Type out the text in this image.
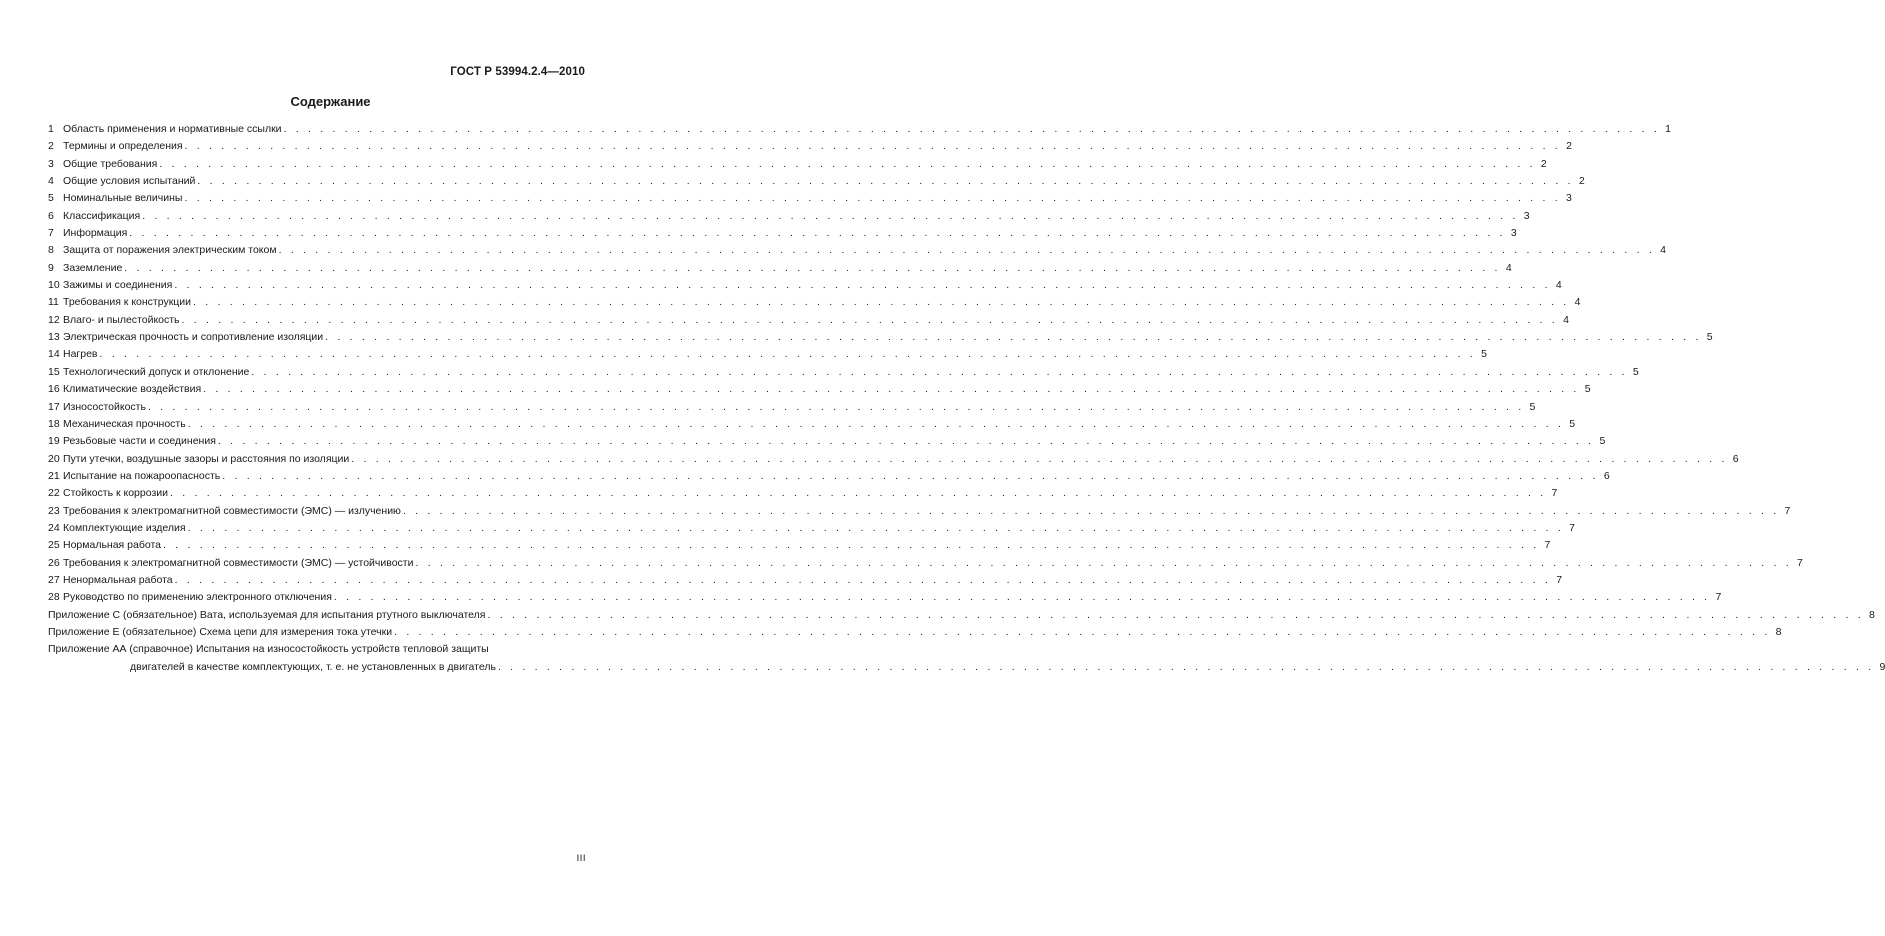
ГОСТ Р 53994.2.4—2010
Содержание
1 Область применения и нормативные ссылки . . .	1
2 Термины и определения . . .	2
3 Общие требования . . .	2
4 Общие условия испытаний . . .	2
5 Номинальные величины . . .	3
6 Классификация . . .	3
7 Информация . . .	3
8 Защита от поражения электрическим током . . .	4
9 Заземление . . .	4
10 Зажимы и соединения . . .	4
11 Требования к конструкции . . .	4
12 Влаго- и пылестойкость . . .	4
13 Электрическая прочность и сопротивление изоляции . . .	5
14 Нагрев . . .	5
15 Технологический допуск и отклонение . . .	5
16 Климатические воздействия . . .	5
17 Износостойкость . . .	5
18 Механическая прочность . . .	5
19 Резьбовые части и соединения . . .	5
20 Пути утечки, воздушные зазоры и расстояния по изоляции . . .	6
21 Испытание на пожароопасность . . .	6
22 Стойкость к коррозии . . .	7
23 Требования к электромагнитной совместимости (ЭМС) — излучению . . .	7
24 Комплектующие изделия . . .	7
25 Нормальная работа . . .	7
26 Требования к электромагнитной совместимости (ЭМС) — устойчивости . . .	7
27 Ненормальная работа . . .	7
28 Руководство по применению электронного отключения . . .	7
Приложение С (обязательное) Вата, используемая для испытания ртутного выключателя . . .	8
Приложение Е (обязательное) Схема цепи для измерения тока утечки . . .	8
Приложение АА (справочное) Испытания на износостойкость устройств тепловой защиты
двигателей в качестве комплектующих, т. е. не установленных в двигатель . . .	9
III
